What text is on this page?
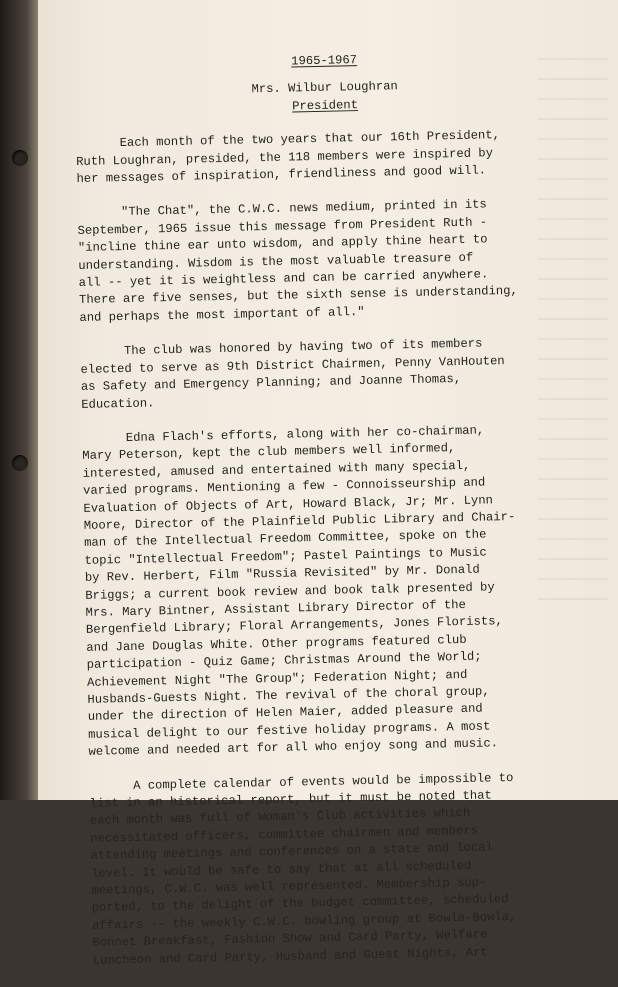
1965-1967

Mrs. Wilbur Loughran

President

Each month of the two years that our 16th President,
Ruth Loughran, presided, the 118 members were inspired by
her messages of inspiration, friendliness and good will.

"The Chat", the C.W.C. news medium, printed in its
September, 1965 issue this message from President Ruth -
"incline thine ear unto wisdom, and apply thine heart to
understanding. Wisdom is the most valuable treasure of
all -- yet it is weightless and can be carried anywhere.
There are five senses, but the sixth sense is understanding,
and perhaps the most important of all."

The club was honored by having two of its members
elected to serve as 9th District Chairmen, Penny VanHouten
as Safety and Emergency Planning; and Joanne Thomas,
Education.

Edna Flach's efforts, along with her co-chairman,
Mary Peterson, kept the club members well informed,
interested, amused and entertained with many special,
varied programs. Mentioning a few - Connoisseurship and
Evaluation of Objects of Art, Howard Black, Jr; Mr. Lynn
Moore, Director of the Plainfield Public Library and Chair-
man of the Intellectual Freedom Committee, spoke on the
topic "Intellectual Freedom"; Pastel Paintings to Music
by Rev. Herbert, Film "Russia Revisited" by Mr. Donald
Briggs; a current book review and book talk presented by
Mrs. Mary Bintner, Assistant Library Director of the
Bergenfield Library; Floral Arrangements, Jones Florists,
and Jane Douglas White. Other programs featured club
participation - Quiz Game; Christmas Around the World;
Achievement Night "The Group"; Federation Night; and
Husbands-Guests Night. The revival of the choral group,
under the direction of Helen Maier, added pleasure and
musical delight to our festive holiday programs. A most
welcome and needed art for all who enjoy song and music.

A complete calendar of events would be impossible to
list in an historical report, but it must be noted that
each month was full of Woman's Club activities which
necessitated officers, committee chairmen and members
attending meetings and conferences on a state and local
level. It would be safe to say that at all scheduled
meetings, C.W.C. was well represented. Membership sup-
ported, to the delight of the budget committee, scheduled
affairs -- the weekly C.W.C. bowling group at Bowla-Bowla,
Bonnet Breakfast, Fashion Show and Card Party, Welfare
Luncheon and Card Party, Husband and Guest Nights, Art
